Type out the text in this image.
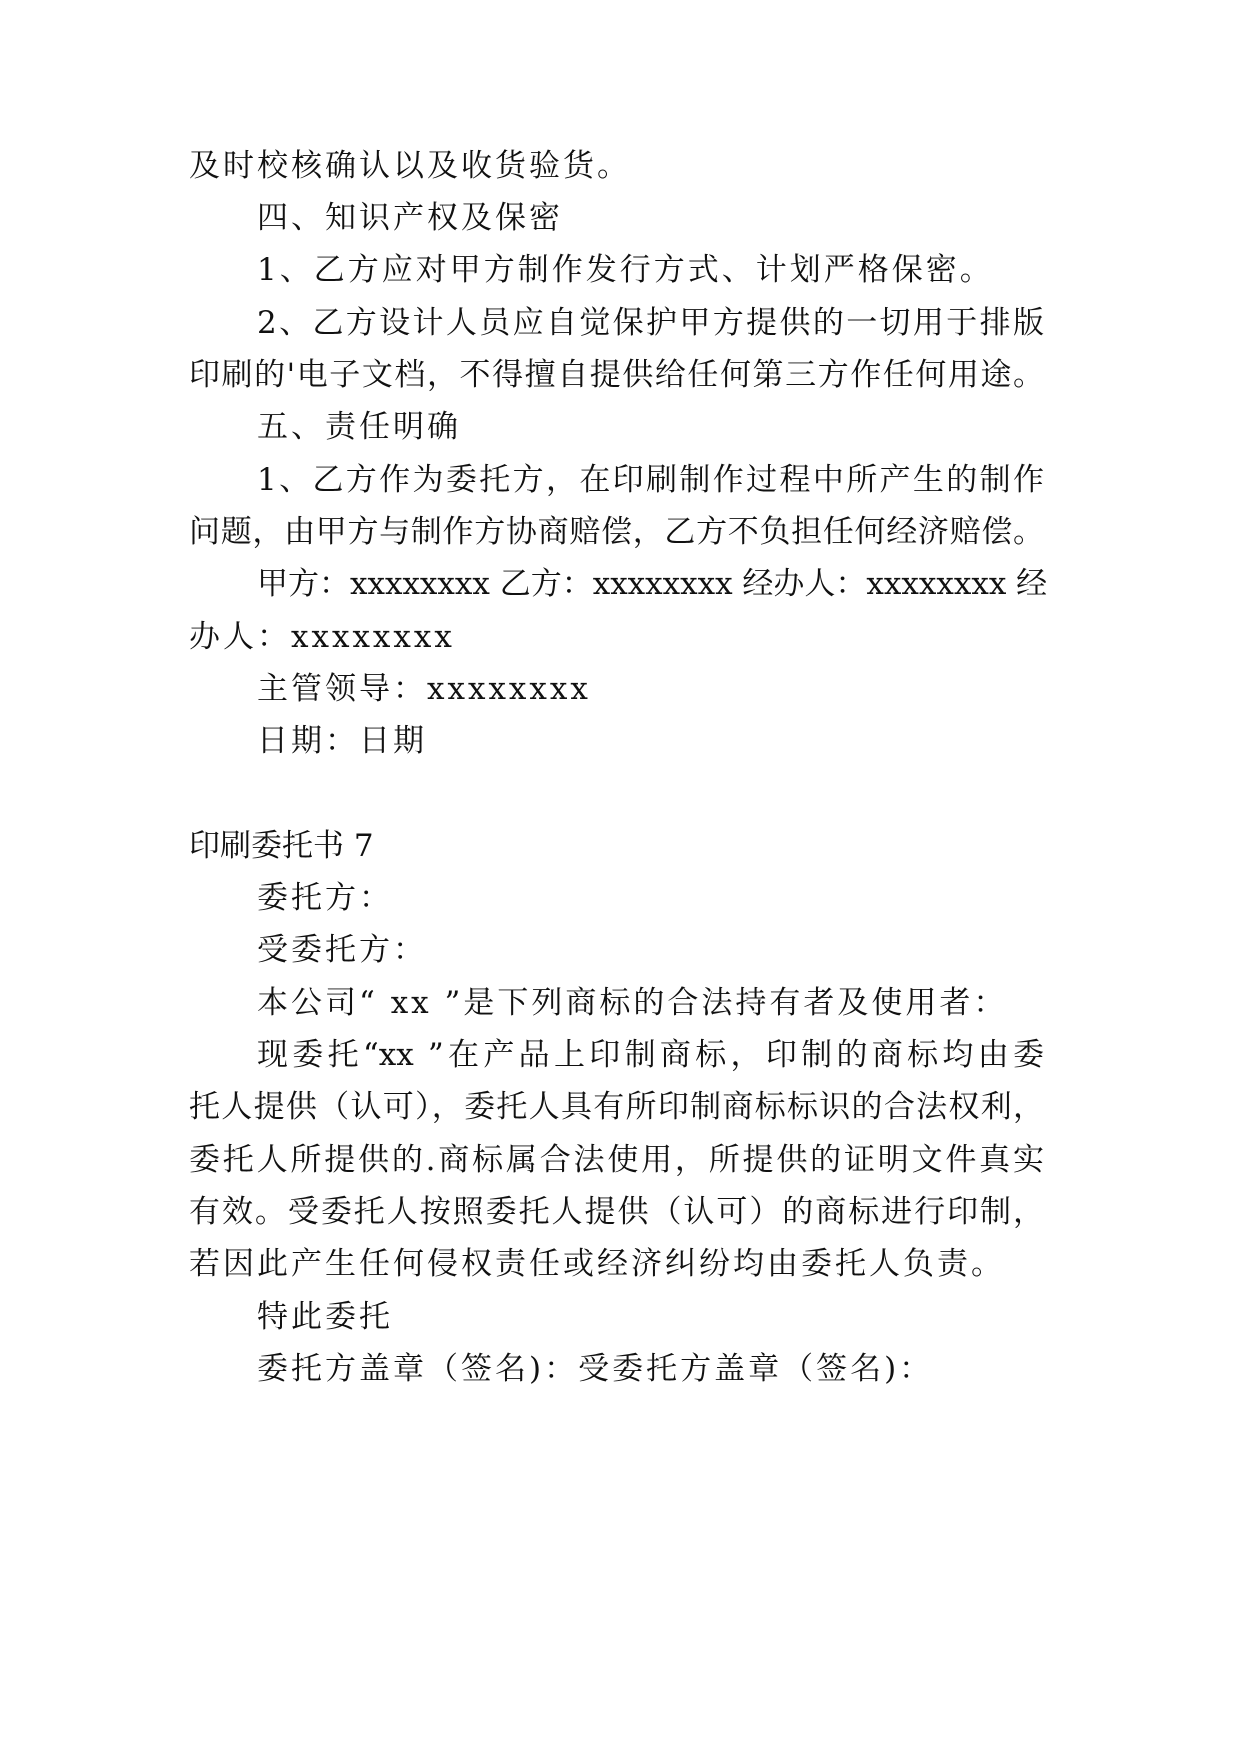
及时校核确认以及收货验货。
四、知识产权及保密
1、乙方应对甲方制作发行方式、计划严格保密。
2、乙方设计人员应自觉保护甲方提供的一切用于排版
印刷的'电子文档，不得擅自提供给任何第三方作任何用途。
五、责任明确
1、乙方作为委托方，在印刷制作过程中所产生的制作
问题，由甲方与制作方协商赔偿，乙方不负担任何经济赔偿。
甲方：xxxxxxxx 乙方：xxxxxxxx 经办人：xxxxxxxx 经
办人：xxxxxxxx
主管领导：xxxxxxxx
日期：日期
印刷委托书 7
委托方：
受委托方：
本公司“ xx ”是下列商标的合法持有者及使用者：
现委托“xx ”在产品上印制商标，印制的商标均由委
托人提供（认可），委托人具有所印制商标标识的合法权利，
委托人所提供的.商标属合法使用，所提供的证明文件真实
有效。受委托人按照委托人提供（认可）的商标进行印制，
若因此产生任何侵权责任或经济纠纷均由委托人负责。
特此委托
委托方盖章（签名)：受委托方盖章（签名)：
